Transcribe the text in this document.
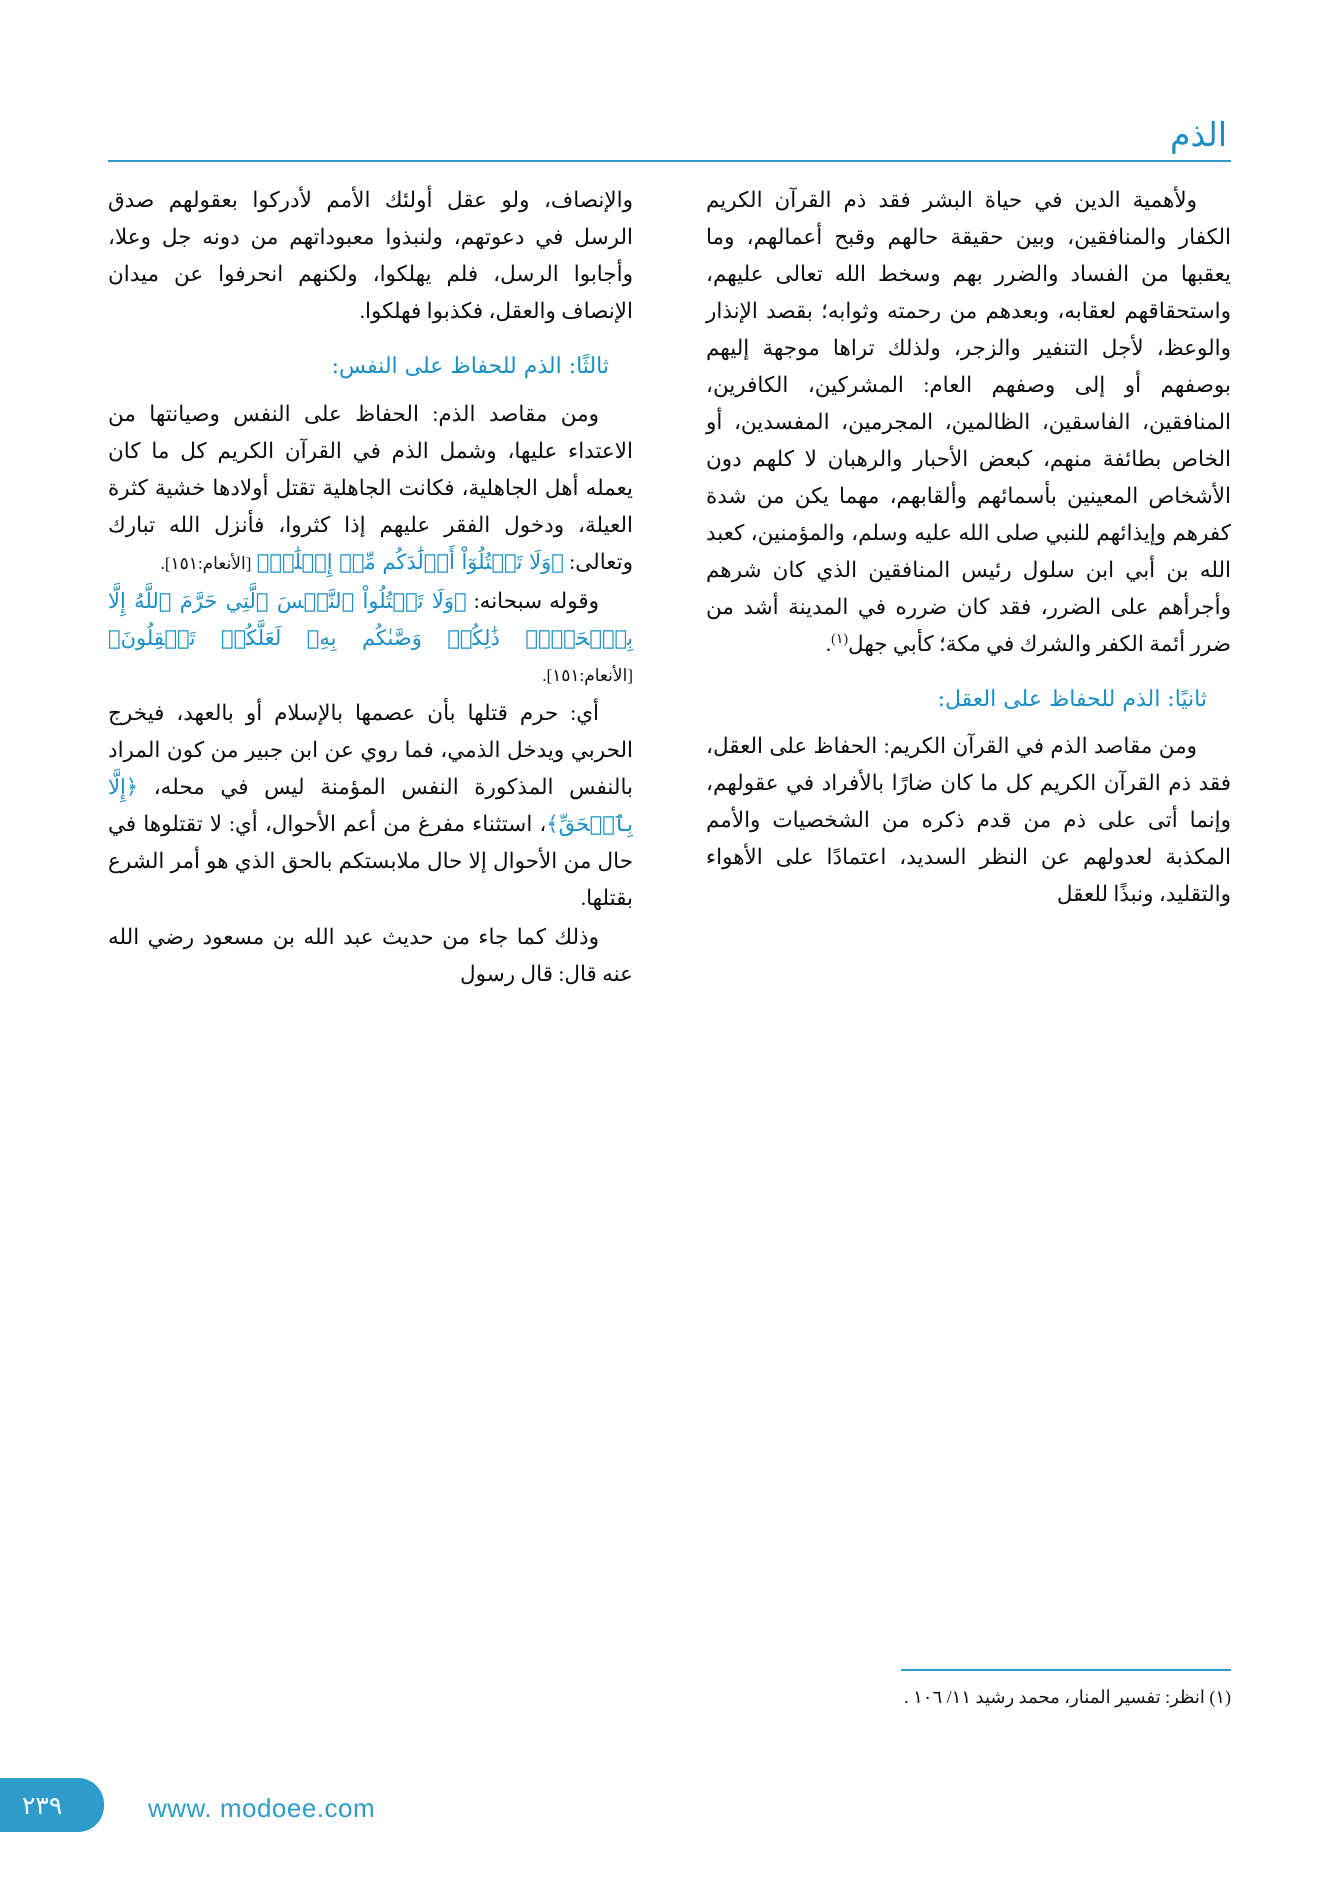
الذم

ولأهمية الدين في حياة البشر فقد ذم القرآن الكريم الكفار والمنافقين، وبين حقيقة حالهم وقبح أعمالهم، وما يعقبها من الفساد والضرر بهم وسخط الله تعالى عليهم، واستحقاقهم لعقابه، وبعدهم من رحمته وثوابه؛ بقصد الإنذار والوعظ، لأجل التنفير والزجر، ولذلك تراها موجهة إليهم بوصفهم أو إلى وصفهم العام: المشركين، الكافرين، المنافقين، الفاسقين، الظالمين، المجرمين، المفسدين، أو الخاص بطائفة منهم، كبعض الأحبار والرهبان لا كلهم دون الأشخاص المعينين بأسمائهم وألقابهم، مهما يكن من شدة كفرهم وإيذائهم للنبي صلى الله عليه وسلم، والمؤمنين، كعبد الله بن أبي ابن سلول رئيس المنافقين الذي كان شرهم وأجرأهم على الضرر، فقد كان ضرره في المدينة أشد من ضرر أئمة الكفر والشرك في مكة؛ كأبي جهل$^{(١)}$.

ثانيًا: الذم للحفاظ على العقل:

ومن مقاصد الذم في القرآن الكريم: الحفاظ على العقل، فقد ذم القرآن الكريم كل ما كان ضارًا بالأفراد في عقولهم، وإنما أتى على ذم من قدم ذكره من الشخصيات والأمم المكذبة لعدولهم عن النظر السديد، اعتمادًا على الأهواء والتقليد، ونبذًا للعقل

والإنصاف، ولو عقل أولئك الأمم لأدركوا بعقولهم صدق الرسل في دعوتهم، ولنبذوا معبوداتهم من دونه جل وعلا، وأجابوا الرسل، فلم يهلكوا، ولكنهم انحرفوا عن ميدان الإنصاف والعقل، فكذبوا فهلكوا.

ثالثًا: الذم للحفاظ على النفس:

ومن مقاصد الذم: الحفاظ على النفس وصيانتها من الاعتداء عليها، وشمل الذم في القرآن الكريم كل ما كان يعمله أهل الجاهلية، فكانت الجاهلية تقتل أولادها خشية كثرة العيلة، ودخول الفقر عليهم إذا كثروا، فأنزل الله تبارك وتعالى: ﴿وَلَا تَقۡتُلُوٓاْ أَوۡلَٰدَكُم مِّنۡ إِمۡلَٰقٖ﴾ [الأنعام:١٥١].

وقوله سبحانه: ﴿وَلَا تَقۡتُلُواْ ٱلنَّفۡسَ ٱلَّتِي حَرَّمَ ٱللَّهُ إِلَّا بِٱلۡحَقِّۚ ذَٰلِكُمۡ وَصَّىٰكُم بِهِۦ لَعَلَّكُمۡ تَعۡقِلُونَ﴾ [الأنعام:١٥١].

أي: حرم قتلها بأن عصمها بالإسلام أو بالعهد، فيخرج الحربي ويدخل الذمي، فما روي عن ابن جبير من كون المراد بالنفس المذكورة النفس المؤمنة ليس في محله، ﴿إِلَّا بِٱلۡحَقِّ﴾، استثناء مفرغ من أعم الأحوال، أي: لا تقتلوها في حال من الأحوال إلا حال ملابستكم بالحق الذي هو أمر الشرع بقتلها.

وذلك كما جاء من حديث عبد الله بن مسعود رضي الله عنه قال: قال رسول

(١) انظر: تفسير المنار، محمد رشيد ١١/ ١٠٦ .
٢٣٩	www. modoee.com
